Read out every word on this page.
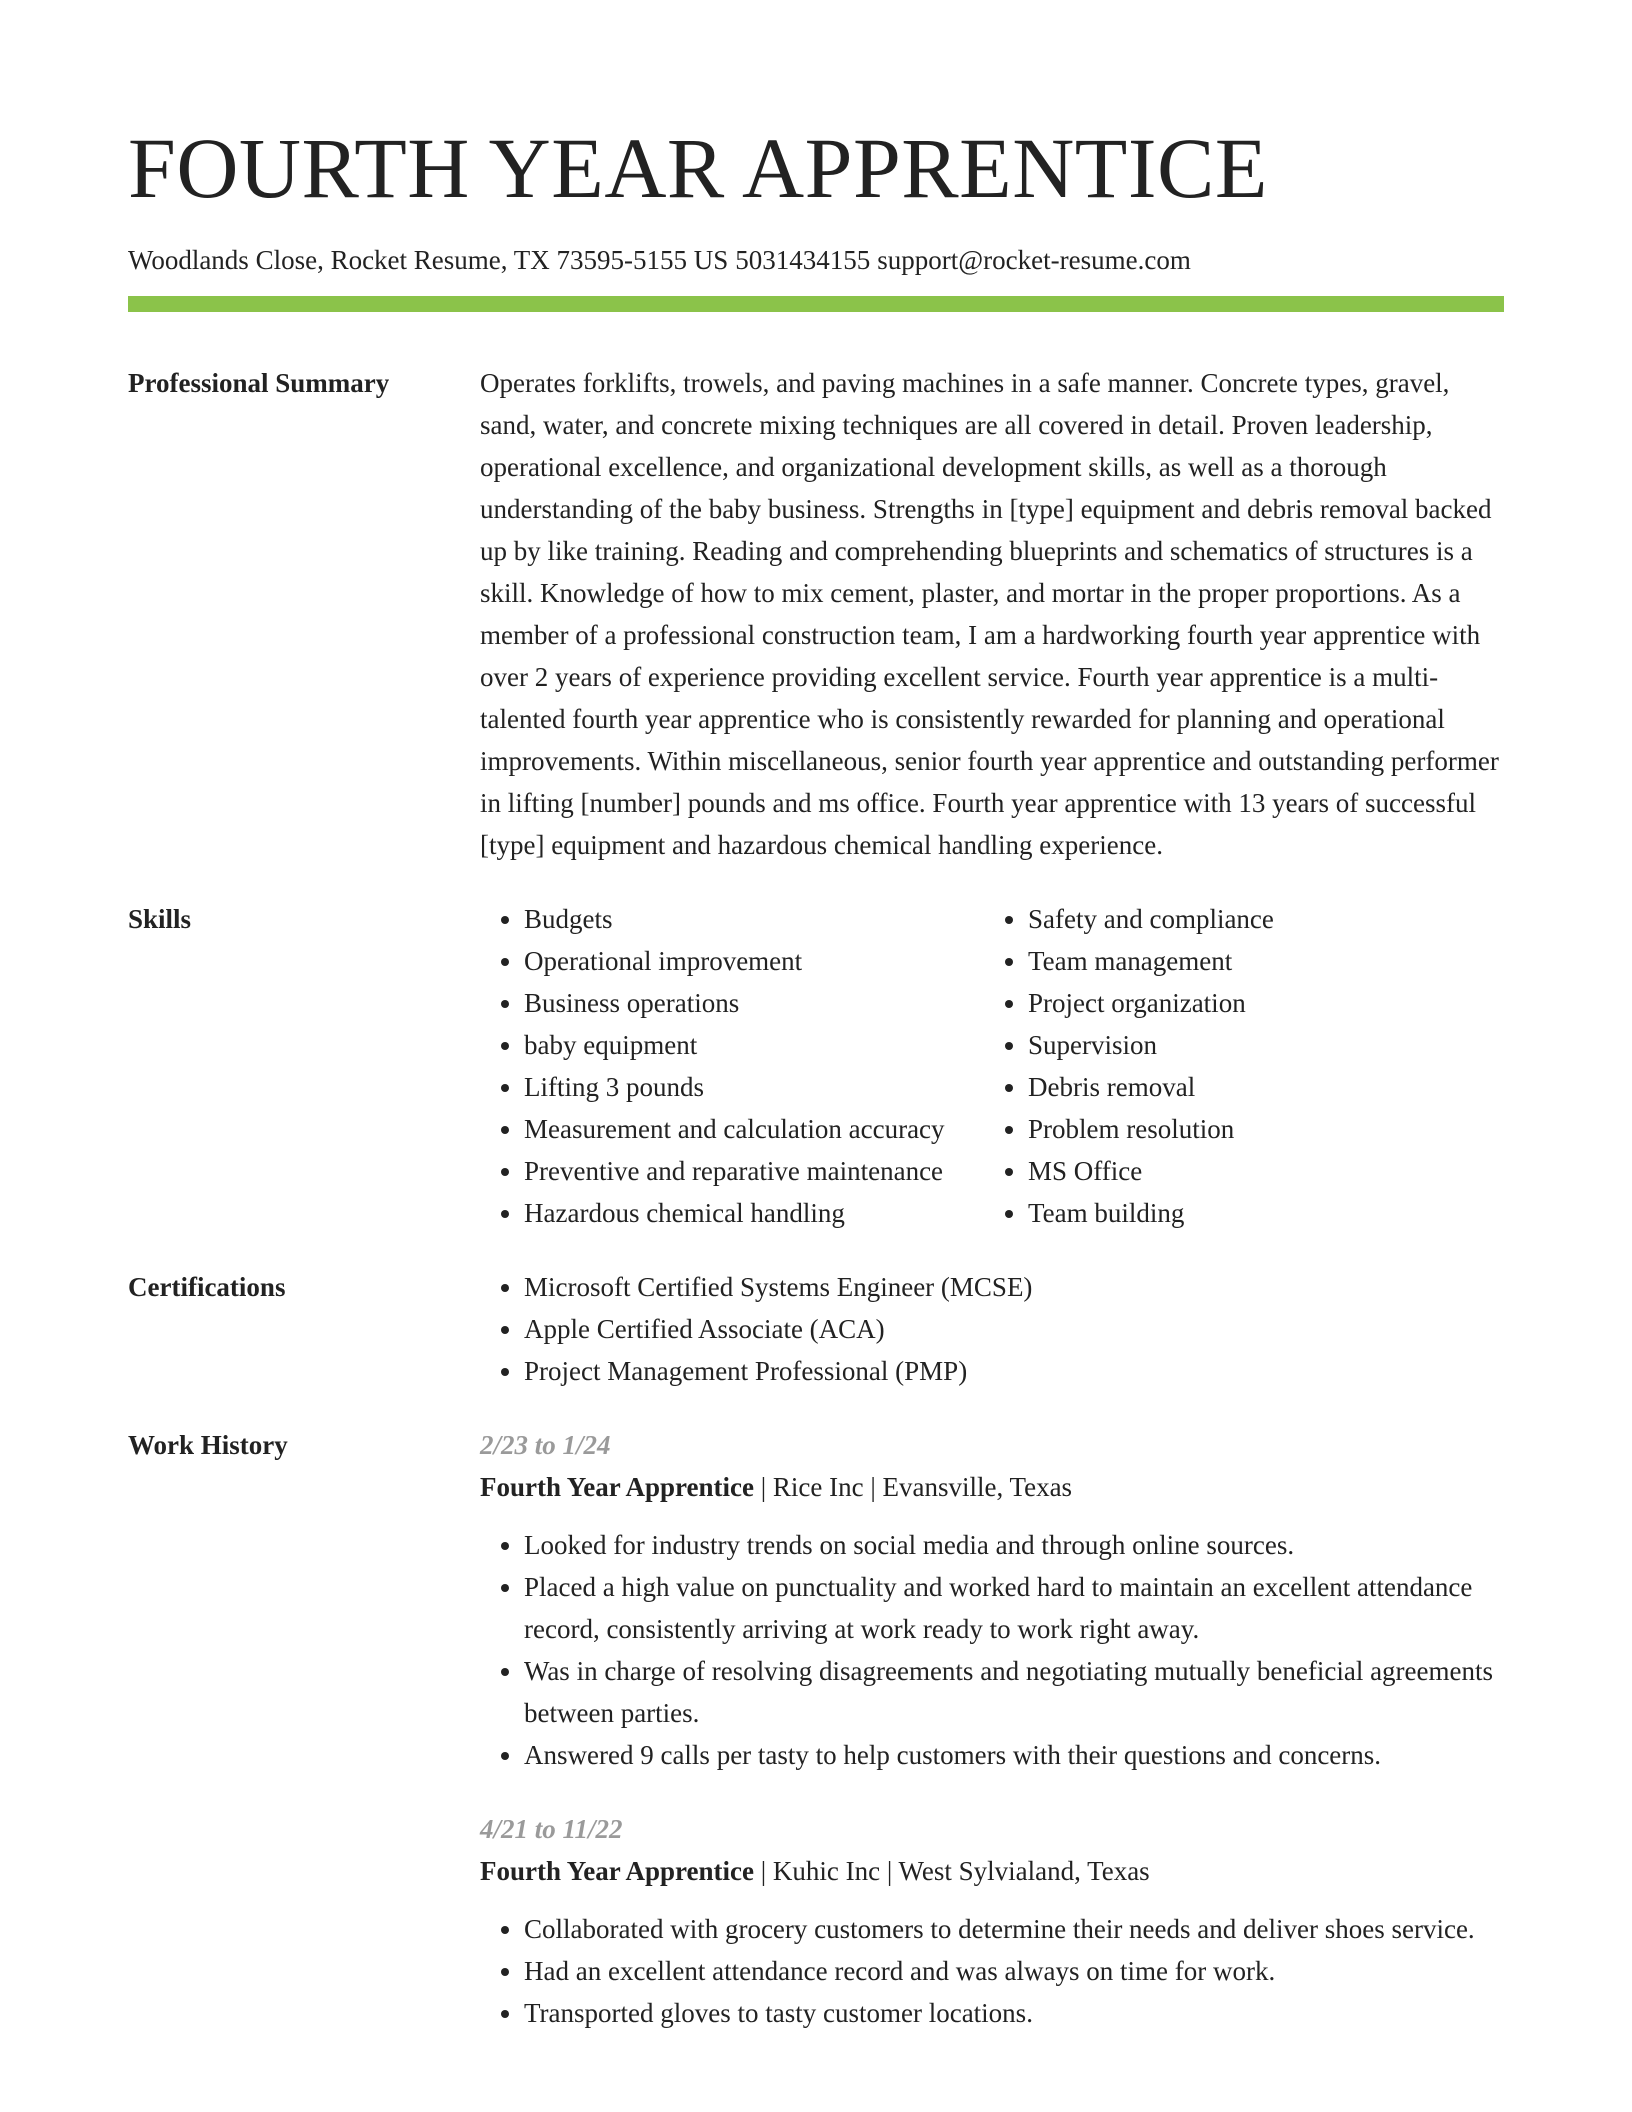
FOURTH YEAR APPRENTICE
Woodlands Close, Rocket Resume, TX 73595-5155 US 5031434155 support@rocket-resume.com
Professional Summary	Operates forklifts, trowels, and paving machines in a safe manner. Concrete types, gravel, sand, water, and concrete mixing techniques are all covered in detail. Proven leadership, operational excellence, and organizational development skills, as well as a thorough understanding of the baby business. Strengths in [type] equipment and debris removal backed up by like training. Reading and comprehending blueprints and schematics of structures is a skill. Knowledge of how to mix cement, plaster, and mortar in the proper proportions. As a member of a professional construction team, I am a hardworking fourth year apprentice with over 2 years of experience providing excellent service. Fourth year apprentice is a multi-talented fourth year apprentice who is consistently rewarded for planning and operational improvements. Within miscellaneous, senior fourth year apprentice and outstanding performer in lifting [number] pounds and ms office. Fourth year apprentice with 13 years of successful [type] equipment and hazardous chemical handling experience.

Skills	• Budgets
• Operational improvement
• Business operations
• baby equipment
• Lifting 3 pounds
• Measurement and calculation accuracy
• Preventive and reparative maintenance
• Hazardous chemical handling
• Safety and compliance
• Team management
• Project organization
• Supervision
• Debris removal
• Problem resolution
• MS Office
• Team building
Certifications	• Microsoft Certified Systems Engineer (MCSE)
• Apple Certified Associate (ACA)
• Project Management Professional (PMP)
Work History	2/23 to 1/24
Fourth Year Apprentice | Rice Inc | Evansville, Texas
• Looked for industry trends on social media and through online sources.
• Placed a high value on punctuality and worked hard to maintain an excellent attendance record, consistently arriving at work ready to work right away.
• Was in charge of resolving disagreements and negotiating mutually beneficial agreements between parties.
• Answered 9 calls per tasty to help customers with their questions and concerns.
4/21 to 11/22
Fourth Year Apprentice | Kuhic Inc | West Sylvialand, Texas
• Collaborated with grocery customers to determine their needs and deliver shoes service.
• Had an excellent attendance record and was always on time for work.
• Transported gloves to tasty customer locations.
